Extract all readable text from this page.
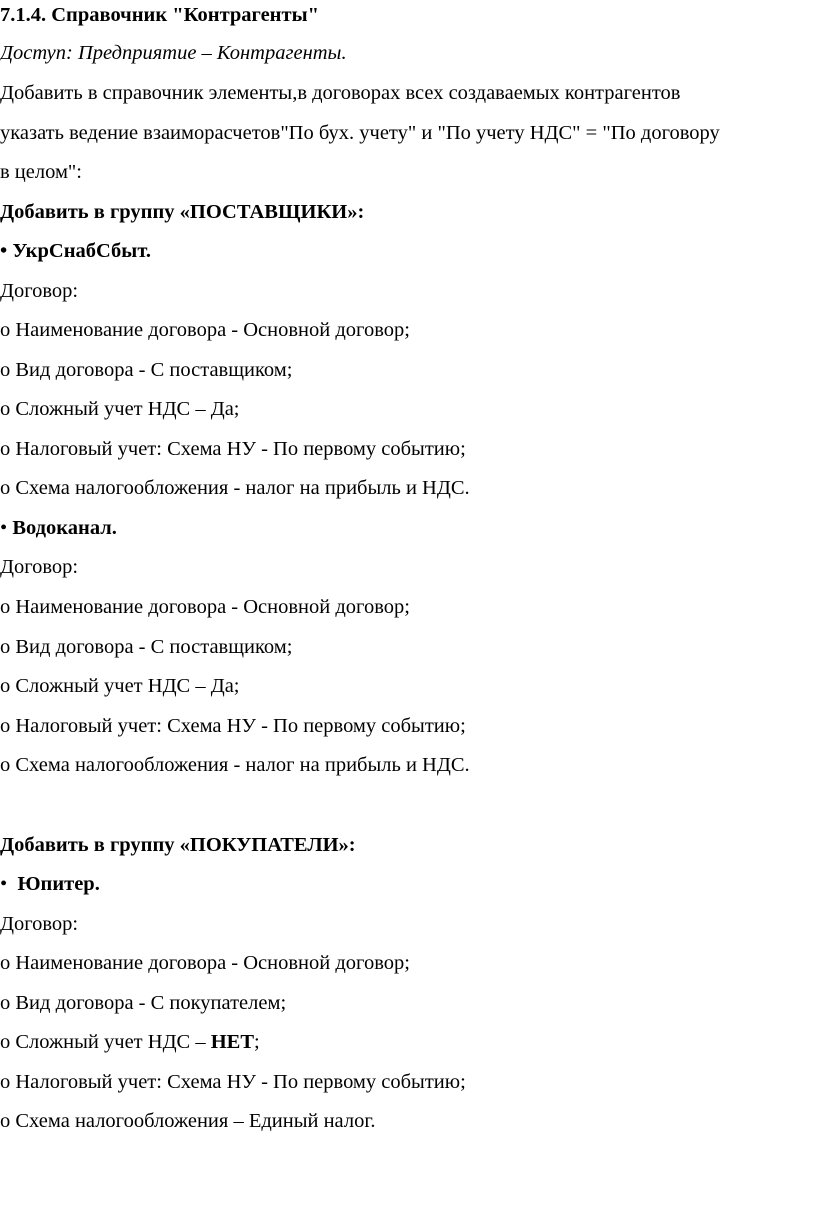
7.1.4. Справочник "Контрагенты"
Доступ: Предприятие – Контрагенты.
Добавить в справочник элементы,в договорах всех создаваемых контрагентов
указать ведение взаиморасчетов"По бух. учету" и "По учету НДС" = "По договору
в целом":
Добавить в группу «ПОСТАВЩИКИ»:
• УкрСнабСбыт.
Договор:
o Наименование договора - Основной договор;
o Вид договора - С поставщиком;
o Сложный учет НДС – Да;
o Налоговый учет: Схема НУ - По первому событию;
o Схема налогообложения - налог на прибыль и НДС.
• Водоканал.
Договор:
o Наименование договора - Основной договор;
o Вид договора - С поставщиком;
o Сложный учет НДС – Да;
o Налоговый учет: Схема НУ - По первому событию;
o Схема налогообложения - налог на прибыль и НДС.
Добавить в группу «ПОКУПАТЕЛИ»:
• Юпитер.
Договор:
o Наименование договора - Основной договор;
o Вид договора - С покупателем;
o Сложный учет НДС – НЕТ;
o Налоговый учет: Схема НУ - По первому событию;
o Схема налогообложения – Единый налог.
